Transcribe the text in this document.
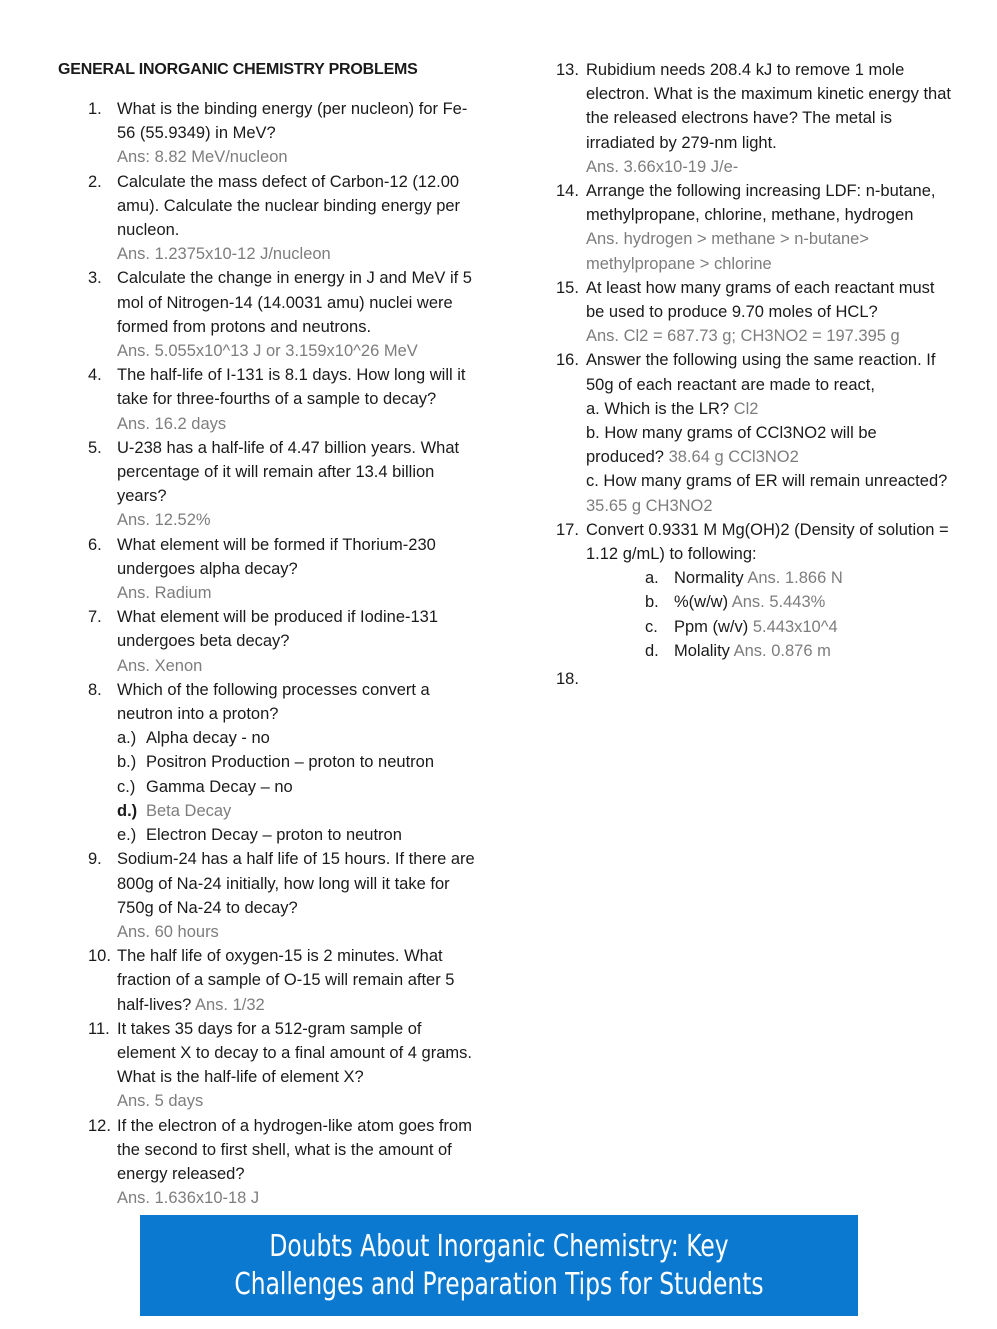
GENERAL INORGANIC CHEMISTRY PROBLEMS
1. What is the binding energy (per nucleon) for Fe-56 (55.9349) in MeV?
Ans: 8.82 MeV/nucleon
2. Calculate the mass defect of Carbon-12 (12.00 amu). Calculate the nuclear binding energy per nucleon.
Ans. 1.2375x10-12 J/nucleon
3. Calculate the change in energy in J and MeV if 5 mol of Nitrogen-14 (14.0031 amu) nuclei were formed from protons and neutrons.
Ans. 5.055x10^13 J or 3.159x10^26 MeV
4. The half-life of I-131 is 8.1 days. How long will it take for three-fourths of a sample to decay?
Ans. 16.2 days
5. U-238 has a half-life of 4.47 billion years. What percentage of it will remain after 13.4 billion years?
Ans. 12.52%
6. What element will be formed if Thorium-230 undergoes alpha decay?
Ans. Radium
7. What element will be produced if Iodine-131 undergoes beta decay?
Ans. Xenon
8. Which of the following processes convert a neutron into a proton?
a.) Alpha decay - no
b.) Positron Production – proton to neutron
c.) Gamma Decay – no
d.) Beta Decay
e.) Electron Decay – proton to neutron
9. Sodium-24 has a half life of 15 hours. If there are 800g of Na-24 initially, how long will it take for 750g of Na-24 to decay?
Ans. 60 hours
10. The half life of oxygen-15 is 2 minutes. What fraction of a sample of O-15 will remain after 5 half-lives? Ans. 1/32
11. It takes 35 days for a 512-gram sample of element X to decay to a final amount of 4 grams. What is the half-life of element X?
Ans. 5 days
12. If the electron of a hydrogen-like atom goes from the second to first shell, what is the amount of energy released?
Ans. 1.636x10-18 J
13. Rubidium needs 208.4 kJ to remove 1 mole electron. What is the maximum kinetic energy that the released electrons have? The metal is irradiated by 279-nm light.
Ans. 3.66x10-19 J/e-
14. Arrange the following increasing LDF: n-butane, methylpropane, chlorine, methane, hydrogen
Ans. hydrogen > methane > n-butane> methylpropane > chlorine
15. At least how many grams of each reactant must be used to produce 9.70 moles of HCL?
Ans. Cl2 = 687.73 g; CH3NO2 = 197.395 g
16. Answer the following using the same reaction. If 50g of each reactant are made to react,
a. Which is the LR? Cl2
b. How many grams of CCl3NO2 will be produced? 38.64 g CCl3NO2
c. How many grams of ER will remain unreacted?35.65 g CH3NO2
17. Convert 0.9331 M Mg(OH)2 (Density of solution = 1.12 g/mL) to following:
a. Normality Ans. 1.866 N
b. %(w/w) Ans. 5.443%
c. Ppm (w/v) 5.443x10^4
d. Molality Ans. 0.876 m
18.

Doubts About Inorganic Chemistry: Key Challenges and Preparation Tips for Students
